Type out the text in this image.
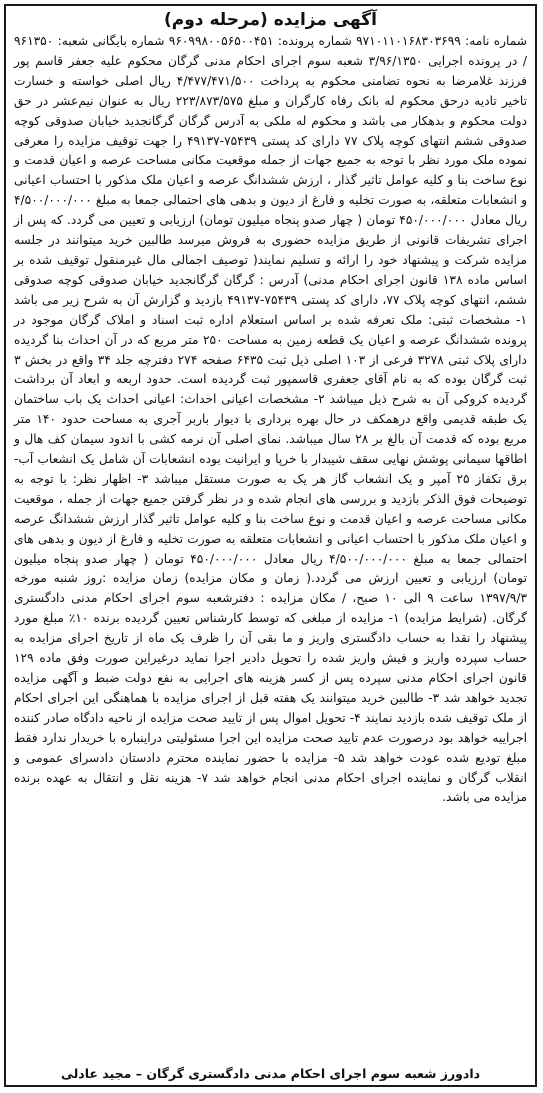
آگهی مزایده (مرحله دوم)

شماره نامه: ۹۷۱۰۱۱۰۱۶۸۳۰۳۶۹۹ شماره پرونده: ۹۶۰۹۹۸۰۰۵۶۵۰۰۴۵۱ شماره بایگانی شعبه: ۹۶۱۳۵۰ / در پرونده اجرایی ۳/۹۶/۱۳۵۰ شعبه سوم اجرای احکام مدنی گرگان محکوم علیه جعفر قاسم پور فرزند غلامرضا به نحوه تضامنی محکوم به پرداخت ۴/۴۷۷/۴۷۱/۵۰۰ ریال اصلی خواسته و خسارت تاخیر تادیه درحق محکوم له بانک رفاه کارگران و مبلغ ۲۲۳/۸۷۳/۵۷۵ ریال به عنوان نیم‌عشر در حق دولت محکوم و بدهکار می باشد و محکوم له ملکی به آدرس گرگان گرگانجدید خیابان صدوقی کوچه صدوقی ششم انتهای کوچه پلاک ۷۷ دارای کد پستی ۷۵۴۳۹-۴۹۱۳۷ را جهت توقیف مزایده را معرفی نموده ملک مورد نظر با توجه به جمیع جهات از جمله موقعیت مکانی مساحت عرصه و اعیان قدمت و نوع ساخت بنا و کلیه عوامل تاثیر گذار ، ارزش ششدانگ عرصه و اعیان ملک مذکور با احتساب اعیانی و انشعابات متعلقه، به صورت تخلیه و فارغ از دیون و بدهی های احتمالی جمعا به مبلغ ۴/۵۰۰/۰۰۰/۰۰۰ ریال معادل ۴۵۰/۰۰۰/۰۰۰ تومان ( چهار صدو پنجاه میلیون تومان) ارزیابی و تعیین می گردد. که پس از اجرای تشریفات قانونی از طریق مزایده حضوری به فروش میرسد طالبین خرید میتوانند در جلسه مزایده شرکت و پیشنهاد خود را ارائه و تسلیم نمایند( توصیف اجمالی مال غیرمنقول توقیف شده بر اساس ماده ۱۳۸ قانون اجرای احکام مدنی) آدرس : گرگان گرگانجدید خیابان صدوقی کوچه صدوقی ششم، انتهای کوچه پلاک ۷۷، دارای کد پستی ۷۵۴۳۹-۴۹۱۳۷ بازدید و گزارش آن به شرح زیر می باشد ۱- مشخصات ثبتی: ملک تعرفه شده بر اساس استعلام اداره ثبت اسناد و املاک گرگان موجود در پرونده ششدانگ عرصه و اعیان یک قطعه زمین به مساحت ۲۵۰ متر مربع که در آن احداث بنا گردیده دارای پلاک ثبتی ۳۲۷۸ فرعی از ۱۰۳ اصلی ذیل ثبت ۶۴۳۵ صفحه ۲۷۴ دفترچه جلد ۳۴ واقع در بخش ۳ ثبت گرگان بوده که به نام آقای جعفری قاسمپور ثبت گردیده است. حدود اربعه و ابعاد آن برداشت گردیده کروکی آن به شرح ذیل میباشد ۲- مشخصات اعیانی احداث: اعیانی احداث یک باب ساختمان یک طبقه قدیمی واقع درهمکف در حال بهره برداری با دیوار باربر آجری به مساحت حدود ۱۴۰ متر مربع بوده که قدمت آن بالغ بر ۲۸ سال میباشد. نمای اصلی آن نرمه کشی با اندود سیمان کف هال و اطاقها سیمانی پوشش نهایی سقف شیبدار با خرپا و ایرانیت بوده انشعابات آن شامل یک انشعاب آب- برق تکفاز ۲۵ آمپر و یک انشعاب گاز هر یک به صورت مستقل میباشد ۳- اظهار نظر: با توجه به توضیحات فوق الذکر بازدید و بررسی های انجام شده و در نظر گرفتن جمیع جهات از جمله ، موقعیت مکانی مساحت عرصه و اعیان قدمت و نوع ساخت بنا و کلیه عوامل تاثیر گذار ارزش ششدانگ عرصه و اعیان ملک مذکور با احتساب اعیانی و انشعابات متعلقه به صورت تخلیه و فارغ از دیون و بدهی های احتمالی جمعا به مبلغ ۴/۵۰۰/۰۰۰/۰۰۰ ریال معادل ۴۵۰/۰۰۰/۰۰۰ تومان ( چهار صدو پنجاه میلیون تومان) ارزیابی و تعیین ارزش می گردد.( زمان و مکان مزایده) زمان مزایده :روز شنبه مورخه ۱۳۹۷/۹/۳ ساعت ۹ الی ۱۰ صبح، / مکان مزایده : دفترشعبه سوم اجرای احکام مدنی دادگستری گرگان. (شرایط مزایده) ۱- مزایده از مبلغی که توسط کارشناس تعیین گردیده برنده ۱۰٪ مبلغ مورد پیشنهاد را نقدا به حساب دادگستری واریز و ما بقی آن را ظرف یک ماه از تاریخ اجرای مزایده به حساب سپرده واریز و فیش واریز شده را تحویل دادیر اجرا نماید درغیراین صورت وفق ماده ۱۲۹ قانون اجرای احکام مدنی سپرده پس از کسر هزینه های اجرایی به نفع دولت ضبط و آگهی مزایده تجدید خواهد شد ۳- طالبین خرید میتوانند یک هفته قبل از اجرای مزایده با هماهنگی این اجرای احکام از ملک توقیف شده بازدید نمایند ۴- تحویل اموال پس از تایید صحت مزایده از ناحیه دادگاه صادر کننده اجراییه خواهد بود درصورت عدم تایید صحت مزایده این اجرا مسئولیتی دراینباره با خریدار ندارد فقط مبلغ تودیع شده عودت خواهد شد ۵- مزایده با حضور نماینده محترم دادستان دادسرای عمومی و انقلاب گرگان و نماینده اجرای احکام مدنی انجام خواهد شد ۷- هزینه نقل و انتقال به عهده برنده مزایده می باشد.

دادورز شعبه سوم اجرای احکام مدنی دادگستری گرگان – مجید عادلی
